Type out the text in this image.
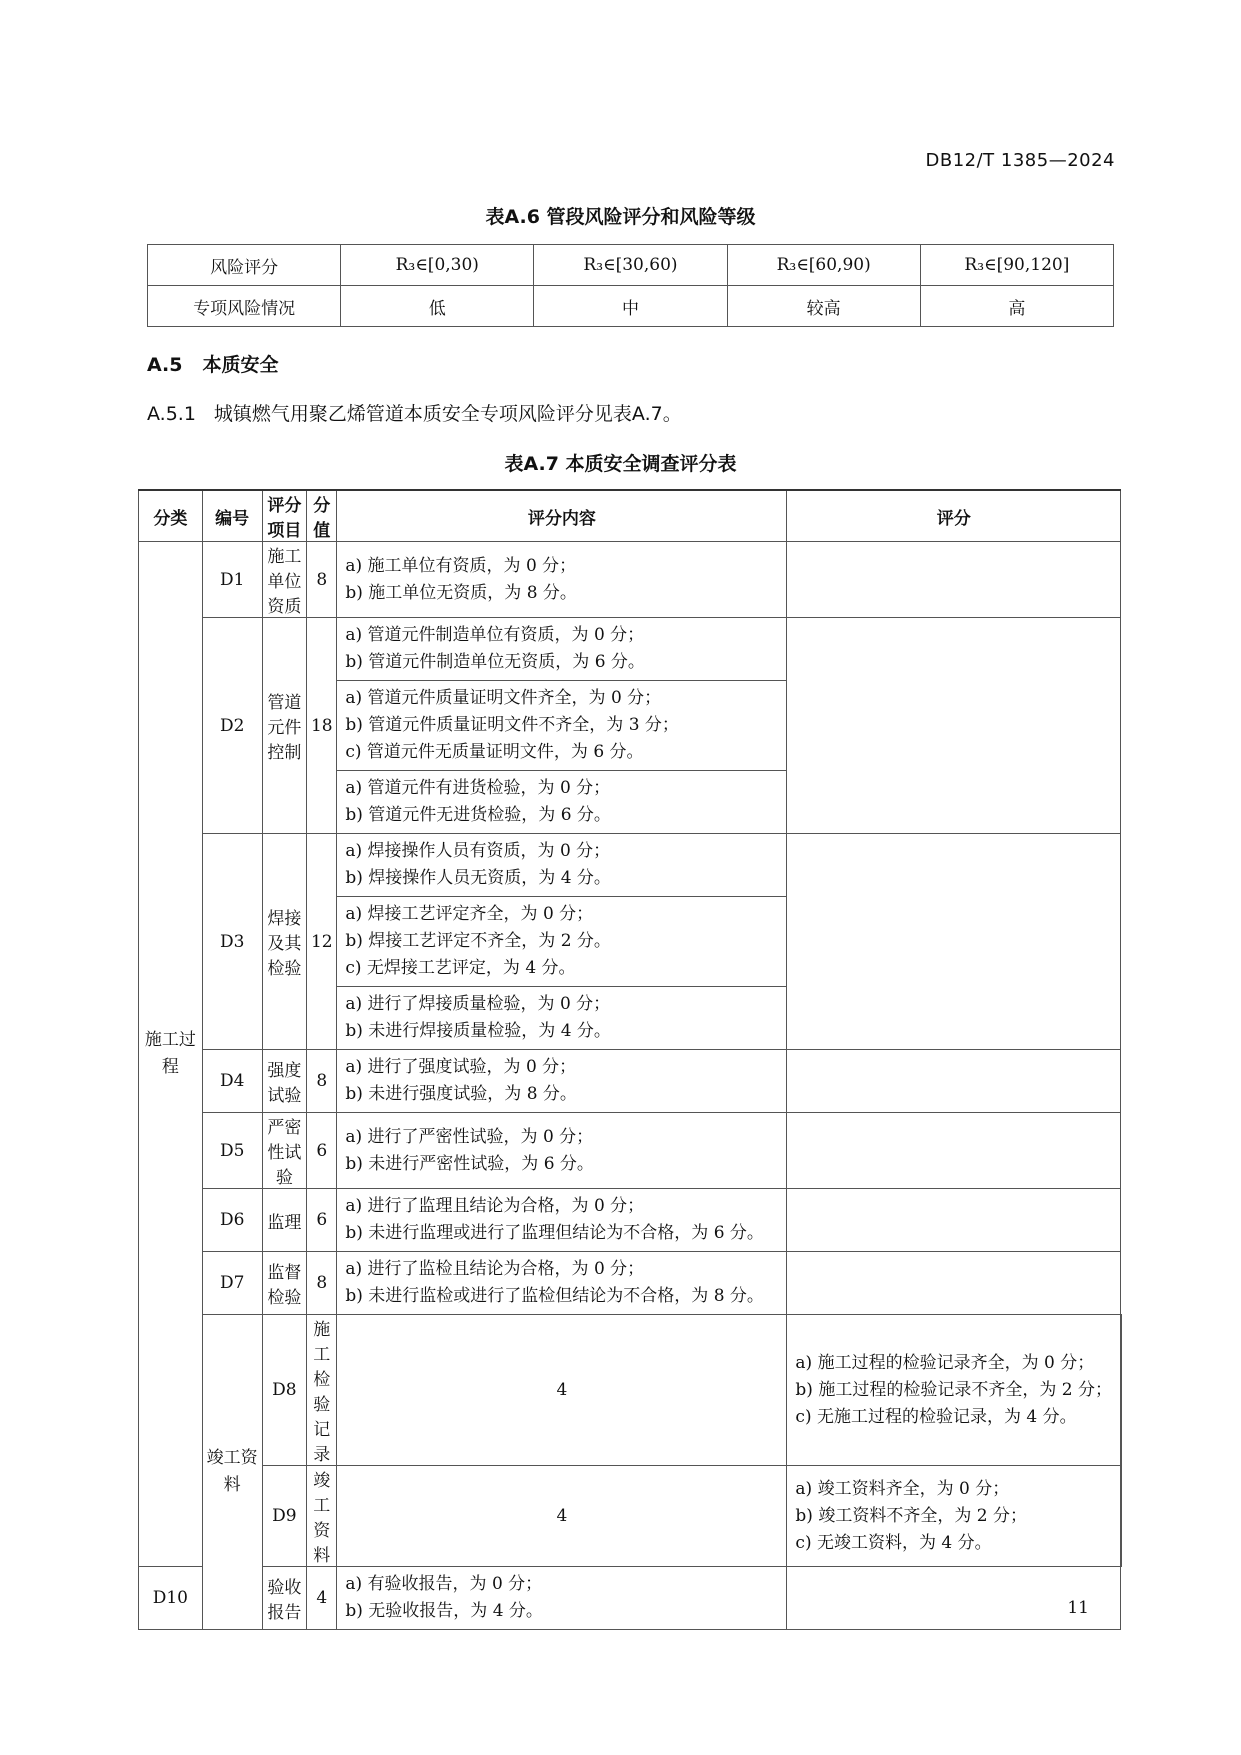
DB12/T 1385—2024
表A.6 管段风险评分和风险等级
风险评分	R₃∈[0,30)	R₃∈[30,60)	R₃∈[60,90)	R₃∈[90,120]
专项风险情况	低	中	较高	高
A.5 本质安全
A.5.1 城镇燃气用聚乙烯管道本质安全专项风险评分见表A.7。
表A.7 本质安全调查评分表
分类	编号	评分项目	分值	评分内容	评分	
施工过程	D1	施工单位资质	8	a) 施工单位有资质，为 0 分；
b) 施工单位无资质，为 8 分。		

	D2	管道元件控制	18	a) 管道元件制造单位有资质，为 0 分；
b) 管道元件制造单位无资质，为 6 分。		

				a) 管道元件质量证明文件齐全，为 0 分；
b) 管道元件质量证明文件不齐全，为 3 分；
c) 管道元件无质量证明文件，为 6 分。		

				a) 管道元件有进货检验，为 0 分；
b) 管道元件无进货检验，为 6 分。		

	D3	焊接及其检验	12	a) 焊接操作人员有资质，为 0 分；
b) 焊接操作人员无资质，为 4 分。		

				a) 焊接工艺评定齐全，为 0 分；
b) 焊接工艺评定不齐全，为 2 分。
c) 无焊接工艺评定，为 4 分。		

				a) 进行了焊接质量检验，为 0 分；
b) 未进行焊接质量检验，为 4 分。		

	D4	强度试验	8	a) 进行了强度试验，为 0 分；
b) 未进行强度试验，为 8 分。		

	D5	严密性试验	6	a) 进行了严密性试验，为 0 分；
b) 未进行严密性试验，为 6 分。		

	D6	监理	6	a) 进行了监理且结论为合格，为 0 分；
b) 未进行监理或进行了监理但结论为不合格，为 6 分。		

	D7	监督检验	8	a) 进行了监检且结论为合格，为 0 分；
b) 未进行监检或进行了监检但结论为不合格，为 8 分。		

	竣工资料	D8	施工检验记录	4	a) 施工过程的检验记录齐全，为 0 分；
b) 施工过程的检验记录不齐全，为 2 分；
c) 无施工过程的检验记录，为 4 分。	

		D9	竣工资料	4	a) 竣工资料齐全，为 0 分；
b) 竣工资料不齐全，为 2 分；
c) 无竣工资料，为 4 分。	

D10		验收报告	4	a) 有验收报告，为 0 分；
b) 无验收报告，为 4 分。		
		11
